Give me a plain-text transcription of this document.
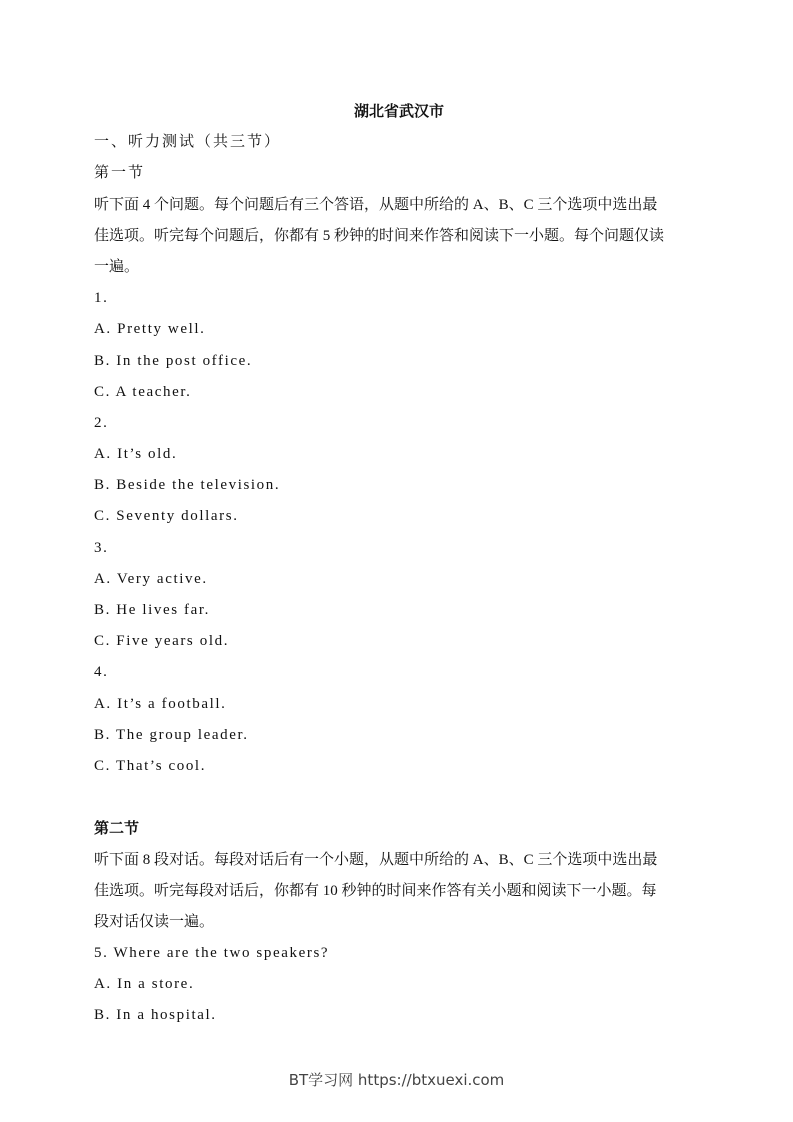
湖北省武汉市
一、听力测试（共三节）
第一节
听下面 4 个问题。每个问题后有三个答语，从题中所给的 A、B、C 三个选项中选出最
佳选项。听完每个问题后，你都有 5 秒钟的时间来作答和阅读下一小题。每个问题仅读
一遍。
1.
A. Pretty well.
B. In the post office.
C. A teacher.
2.
A. It’s old.
B. Beside the television.
C. Seventy dollars.
3.
A. Very active.
B. He lives far.
C. Five years old.
4.
A. It’s a football.
B. The group leader.
C. That’s cool.
第二节
听下面 8 段对话。每段对话后有一个小题，从题中所给的 A、B、C 三个选项中选出最
佳选项。听完每段对话后，你都有 10 秒钟的时间来作答有关小题和阅读下一小题。每
段对话仅读一遍。
5. Where are the two speakers?
A. In a store.
B. In a hospital.
BT学习网 https://btxuexi.com
